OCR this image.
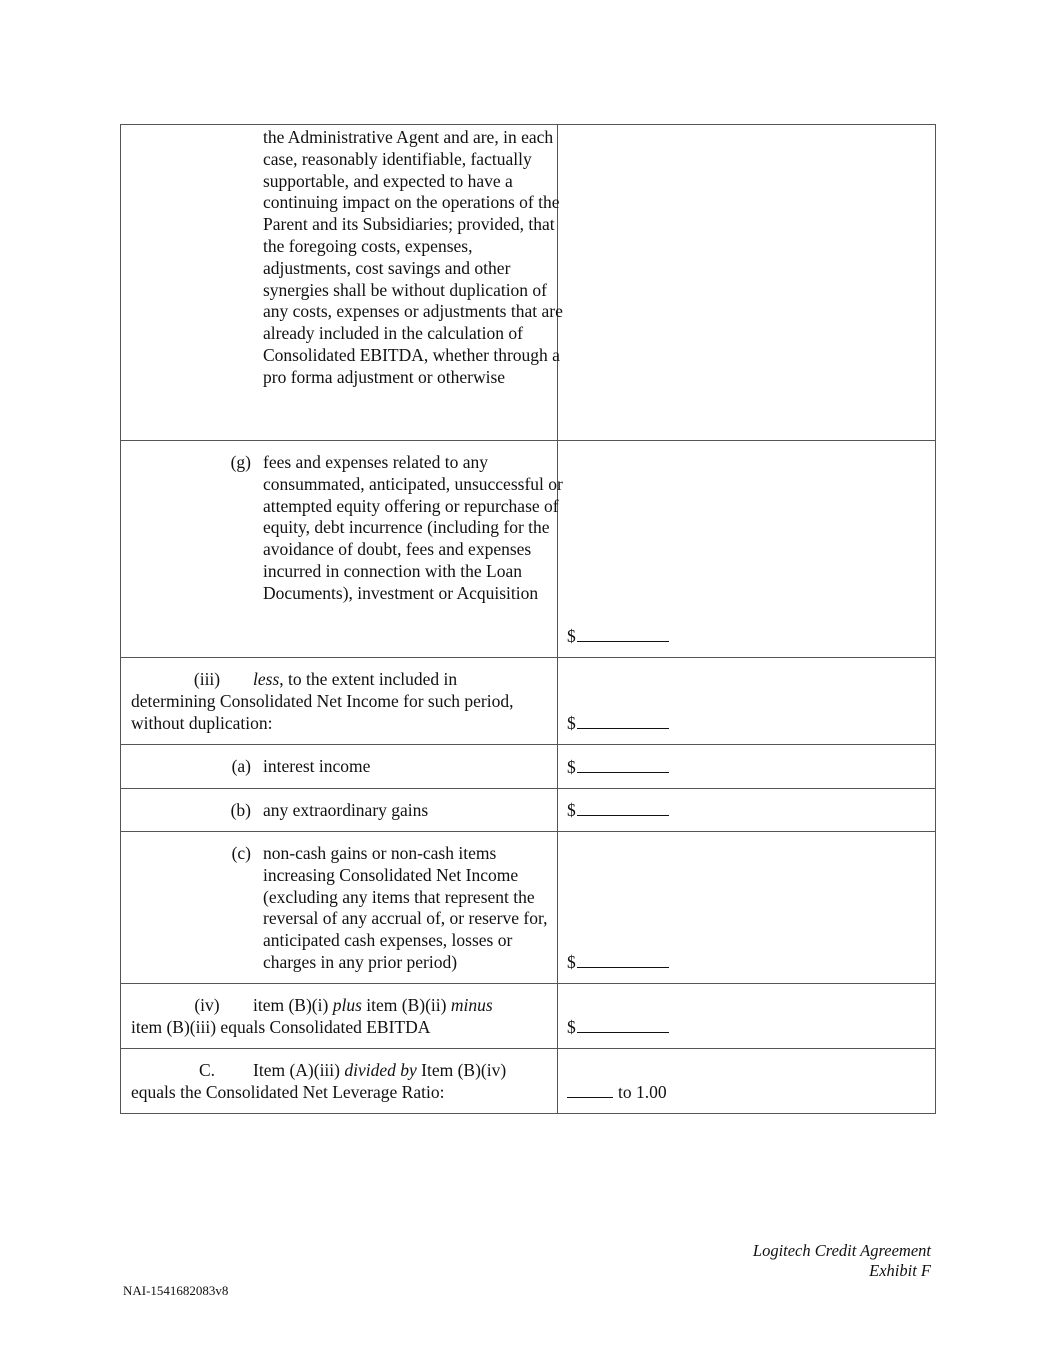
the Administrative Agent and are, in each case, reasonably identifiable, factually supportable, and expected to have a continuing impact on the operations of the Parent and its Subsidiaries; provided, that the foregoing costs, expenses, adjustments, cost savings and other synergies shall be without duplication of any costs, expenses or adjustments that are already included in the calculation of Consolidated EBITDA, whether through a pro forma adjustment or otherwise	

(g) fees and expenses related to any consummated, anticipated, unsuccessful or attempted equity offering or repurchase of equity, debt incurrence (including for the avoidance of doubt, fees and expenses incurred in connection with the Loan Documents), investment or Acquisition	$

(iii) less, to the extent included in
determining Consolidated Net Income for such period, without duplication:	$

(a) interest income	$

(b) any extraordinary gains	$

(c) non-cash gains or non-cash items increasing Consolidated Net Income (excluding any items that represent the reversal of any accrual of, or reserve for, anticipated cash expenses, losses or charges in any prior period)	$

(iv) item (B)(i) plus item (B)(ii) minus
item (B)(iii) equals Consolidated EBITDA	$

C. Item (A)(iii) divided by Item (B)(iv)
equals the Consolidated Net Leverage Ratio:	to 1.00
Logitech Credit Agreement
Exhibit F
NAI-1541682083v8
